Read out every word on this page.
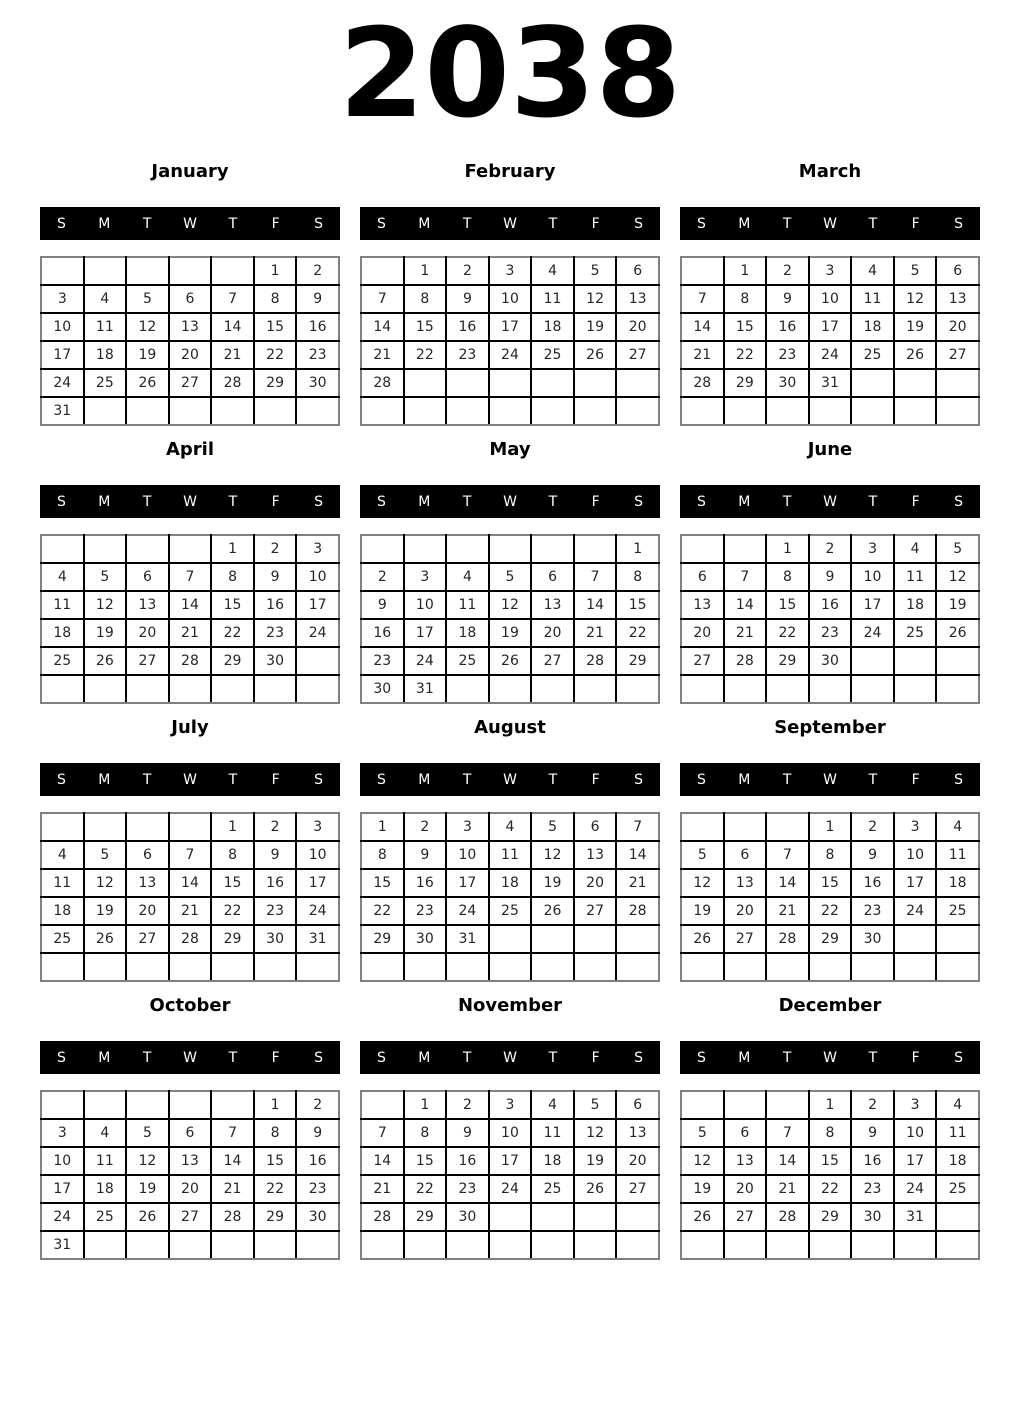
2038
January
S	M	T	W	T	F	S
					1	2
3	4	5	6	7	8	9
10	11	12	13	14	15	16
17	18	19	20	21	22	23
24	25	26	27	28	29	30
31						
February
S	M	T	W	T	F	S
	1	2	3	4	5	6
7	8	9	10	11	12	13
14	15	16	17	18	19	20
21	22	23	24	25	26	27
28						

March
S	M	T	W	T	F	S
	1	2	3	4	5	6
7	8	9	10	11	12	13
14	15	16	17	18	19	20
21	22	23	24	25	26	27
28	29	30	31			

April
S	M	T	W	T	F	S
				1	2	3
4	5	6	7	8	9	10
11	12	13	14	15	16	17
18	19	20	21	22	23	24
25	26	27	28	29	30	

May
S	M	T	W	T	F	S
						1
2	3	4	5	6	7	8
9	10	11	12	13	14	15
16	17	18	19	20	21	22
23	24	25	26	27	28	29
30	31					
June
S	M	T	W	T	F	S
		1	2	3	4	5
6	7	8	9	10	11	12
13	14	15	16	17	18	19
20	21	22	23	24	25	26
27	28	29	30			

July
S	M	T	W	T	F	S
				1	2	3
4	5	6	7	8	9	10
11	12	13	14	15	16	17
18	19	20	21	22	23	24
25	26	27	28	29	30	31

August
S	M	T	W	T	F	S
1	2	3	4	5	6	7
8	9	10	11	12	13	14
15	16	17	18	19	20	21
22	23	24	25	26	27	28
29	30	31				

September
S	M	T	W	T	F	S
			1	2	3	4
5	6	7	8	9	10	11
12	13	14	15	16	17	18
19	20	21	22	23	24	25
26	27	28	29	30		

October
S	M	T	W	T	F	S
					1	2
3	4	5	6	7	8	9
10	11	12	13	14	15	16
17	18	19	20	21	22	23
24	25	26	27	28	29	30
31						
November
S	M	T	W	T	F	S
	1	2	3	4	5	6
7	8	9	10	11	12	13
14	15	16	17	18	19	20
21	22	23	24	25	26	27
28	29	30				

December
S	M	T	W	T	F	S
			1	2	3	4
5	6	7	8	9	10	11
12	13	14	15	16	17	18
19	20	21	22	23	24	25
26	27	28	29	30	31	
